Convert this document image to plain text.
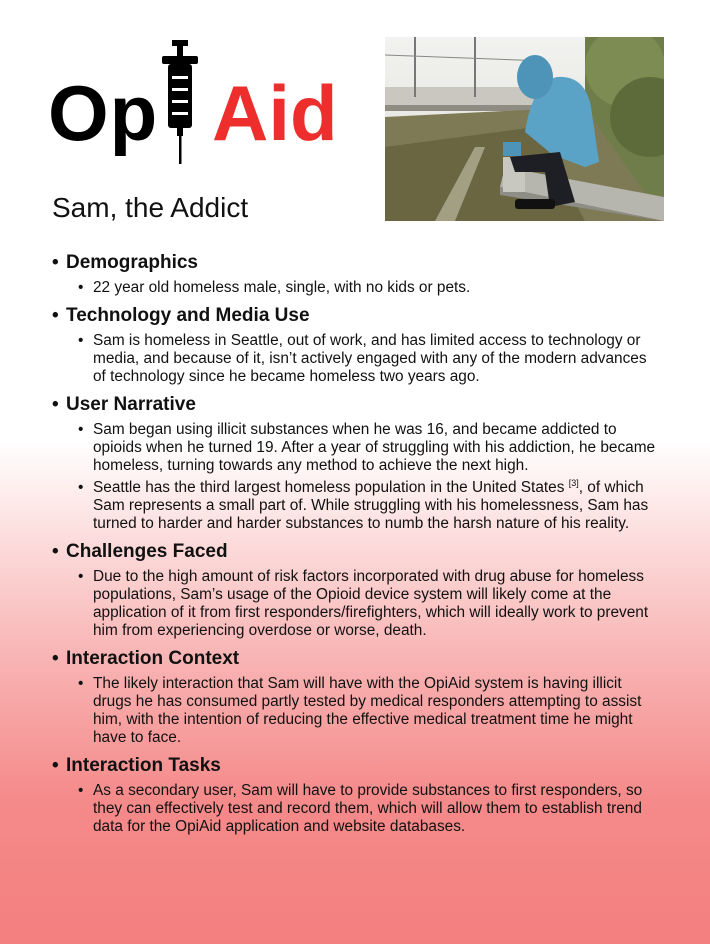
Op Aid
Sam, the Addict

• Demographics

• 22 year old homeless male, single, with no kids or pets.

• Technology and Media Use

• Sam is homeless in Seattle, out of work, and has limited access to technology or media, and because of it, isn’t actively engaged with any of the modern advances of technology since he became homeless two years ago.

• User Narrative

• Sam began using illicit substances when he was 16, and became addicted to opioids when he turned 19. After a year of struggling with his addiction, he became homeless, turning towards any method to achieve the next high.
• Seattle has the third largest homeless population in the United States [3], of which Sam represents a small part of. While struggling with his homelessness, Sam has turned to harder and harder substances to numb the harsh nature of his reality.

• Challenges Faced

• Due to the high amount of risk factors incorporated with drug abuse for homeless populations, Sam’s usage of the Opioid device system will likely come at the application of it from first responders/firefighters, which will ideally work to prevent him from experiencing overdose or worse, death.

• Interaction Context

• The likely interaction that Sam will have with the OpiAid system is having illicit drugs he has consumed partly tested by medical responders attempting to assist him, with the intention of reducing the effective medical treatment time he might have to face.

• Interaction Tasks

• As a secondary user, Sam will have to provide substances to first responders, so they can effectively test and record them, which will allow them to establish trend data for the OpiAid application and website databases.
